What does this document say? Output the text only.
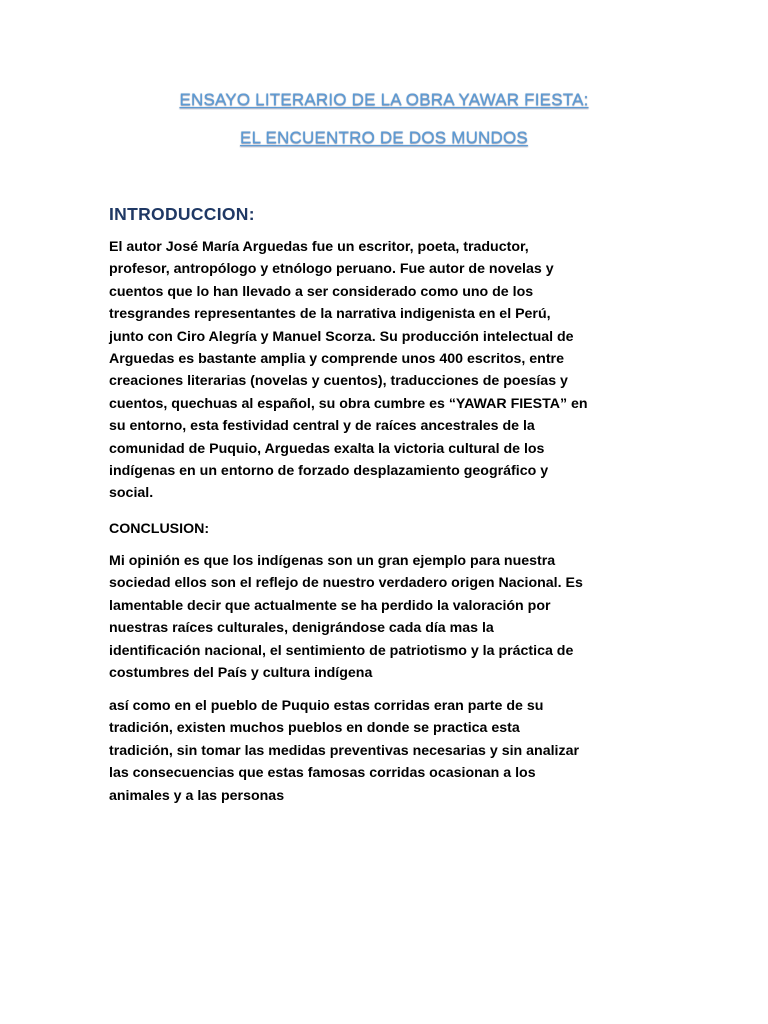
ENSAYO LITERARIO DE LA OBRA YAWAR FIESTA:
EL ENCUENTRO DE DOS MUNDOS
INTRODUCCION:

El autor José María Arguedas fue un escritor, poeta, traductor,
profesor, antropólogo y etnólogo peruano. Fue autor de novelas y
cuentos que lo han llevado a ser considerado como uno de los
tresgrandes representantes de la narrativa indigenista en el Perú,
junto con Ciro Alegría y Manuel Scorza. Su producción intelectual de
Arguedas es bastante amplia y comprende unos 400 escritos, entre
creaciones literarias (novelas y cuentos), traducciones de poesías y
cuentos, quechuas al español, su obra cumbre es “YAWAR FIESTA” en
su entorno, esta festividad central y de raíces ancestrales de la
comunidad de Puquio, Arguedas exalta la victoria cultural de los
indígenas en un entorno de forzado desplazamiento geográfico y
social.

CONCLUSION:

Mi opinión es que los indígenas son un gran ejemplo para nuestra
sociedad ellos son el reflejo de nuestro verdadero origen Nacional. Es
lamentable decir que actualmente se ha perdido la valoración por
nuestras raíces culturales, denigrándose cada día mas la
identificación nacional, el sentimiento de patriotismo y la práctica de
costumbres del País y cultura indígena

así como en el pueblo de Puquio estas corridas eran parte de su
tradición, existen muchos pueblos en donde se practica esta
tradición, sin tomar las medidas preventivas necesarias y sin analizar
las consecuencias que estas famosas corridas ocasionan a los
animales y a las personas
